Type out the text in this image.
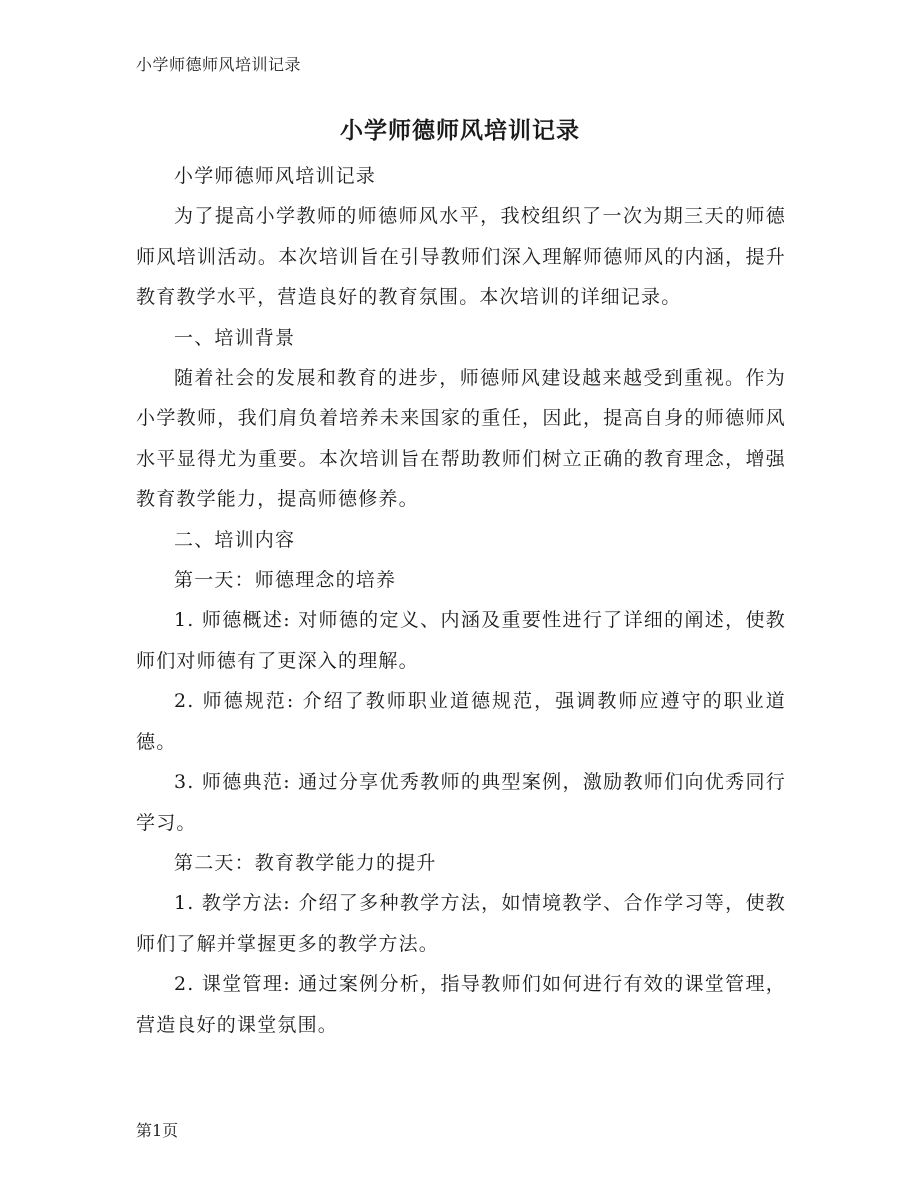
小学师德师风培训记录
小学师德师风培训记录

小学师德师风培训记录

为了提高小学教师的师德师风水平，我校组织了一次为期三天的师德师风培训活动。本次培训旨在引导教师们深入理解师德师风的内涵，提升教育教学水平，营造良好的教育氛围。本次培训的详细记录。

一、培训背景

随着社会的发展和教育的进步，师德师风建设越来越受到重视。作为小学教师，我们肩负着培养未来国家的重任，因此，提高自身的师德师风水平显得尤为重要。本次培训旨在帮助教师们树立正确的教育理念，增强教育教学能力，提高师德修养。

二、培训内容

第一天：师德理念的培养

1. 师德概述: 对师德的定义、内涵及重要性进行了详细的阐述，使教师们对师德有了更深入的理解。

2. 师德规范: 介绍了教师职业道德规范，强调教师应遵守的职业道德。

3. 师德典范: 通过分享优秀教师的典型案例，激励教师们向优秀同行学习。

第二天：教育教学能力的提升

1. 教学方法: 介绍了多种教学方法，如情境教学、合作学习等，使教师们了解并掌握更多的教学方法。

2. 课堂管理: 通过案例分析，指导教师们如何进行有效的课堂管理，营造良好的课堂氛围。

第1页
